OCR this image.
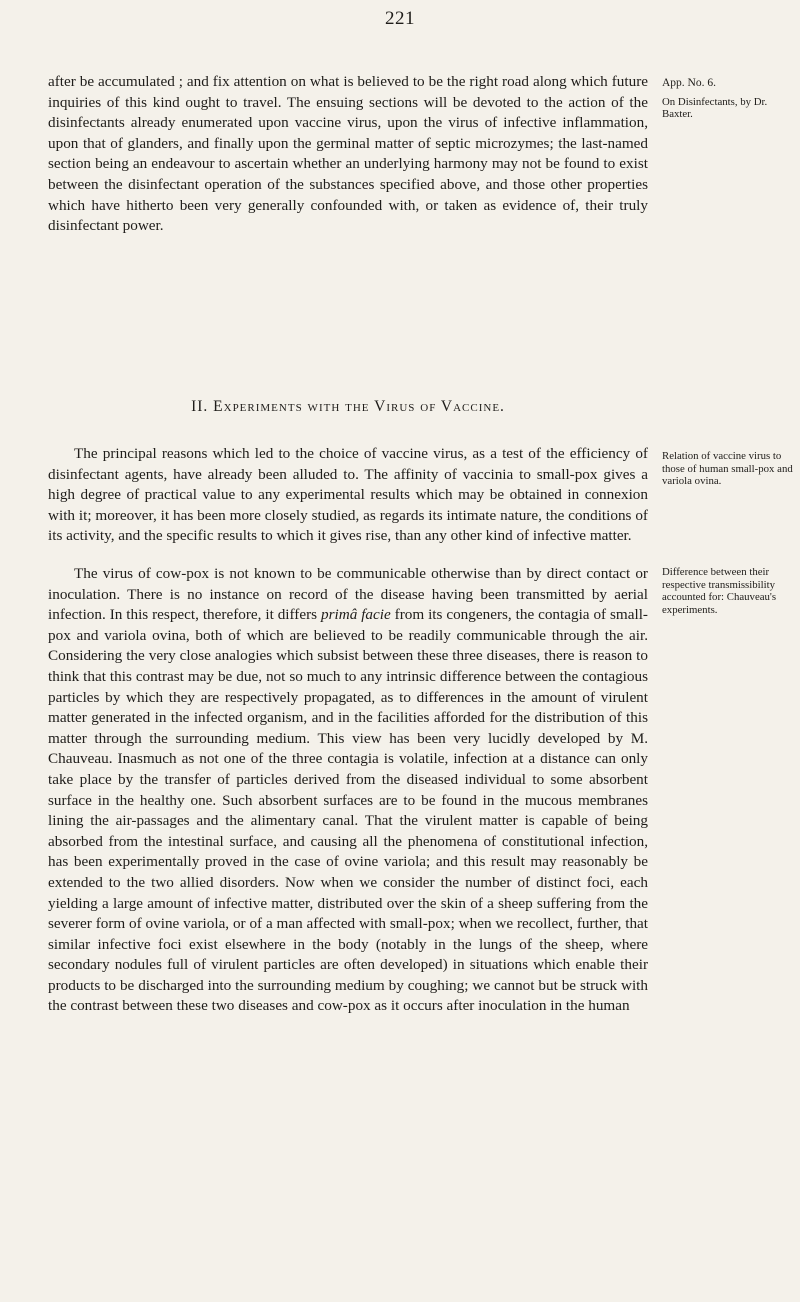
221

after be accumulated ; and fix attention on what is believed to be the right road along which future inquiries of this kind ought to travel. The ensuing sections will be devoted to the action of the disinfectants already enumerated upon vaccine virus, upon the virus of infective inflammation, upon that of glanders, and finally upon the germinal matter of septic microzymes; the last-named section being an endeavour to ascertain whether an underlying harmony may not be found to exist between the disinfectant operation of the substances specified above, and those other properties which have hitherto been very generally confounded with, or taken as evidence of, their truly disinfectant power.

App. No. 6.
On Disinfectants, by Dr. Baxter.
II. Experiments with the Virus of Vaccine.

The principal reasons which led to the choice of vaccine virus, as a test of the efficiency of disinfectant agents, have already been alluded to. The affinity of vaccinia to small-pox gives a high degree of practical value to any experimental results which may be obtained in connexion with it; moreover, it has been more closely studied, as regards its intimate nature, the conditions of its activity, and the specific results to which it gives rise, than any other kind of infective matter.

Relation of vaccine virus to those of human small-pox and variola ovina.

The virus of cow-pox is not known to be communicable otherwise than by direct contact or inoculation. There is no instance on record of the disease having been transmitted by aerial infection. In this respect, therefore, it differs primâ facie from its congeners, the contagia of small-pox and variola ovina, both of which are believed to be readily communicable through the air. Considering the very close analogies which subsist between these three diseases, there is reason to think that this contrast may be due, not so much to any intrinsic difference between the contagious particles by which they are respectively propagated, as to differences in the amount of virulent matter generated in the infected organism, and in the facilities afforded for the distribution of this matter through the surrounding medium. This view has been very lucidly developed by M. Chauveau. Inasmuch as not one of the three contagia is volatile, infection at a distance can only take place by the transfer of particles derived from the diseased individual to some absorbent surface in the healthy one. Such absorbent surfaces are to be found in the mucous membranes lining the air-passages and the alimentary canal. That the virulent matter is capable of being absorbed from the intestinal surface, and causing all the phenomena of constitutional infection, has been experimentally proved in the case of ovine variola; and this result may reasonably be extended to the two allied disorders. Now when we consider the number of distinct foci, each yielding a large amount of infective matter, distributed over the skin of a sheep suffering from the severer form of ovine variola, or of a man affected with small-pox; when we recollect, further, that similar infective foci exist elsewhere in the body (notably in the lungs of the sheep, where secondary nodules full of virulent particles are often developed) in situations which enable their products to be discharged into the surrounding medium by coughing; we cannot but be struck with the contrast between these two diseases and cow-pox as it occurs after inoculation in the human

Difference between their respective transmissibility accounted for: Chauveau's experiments.
